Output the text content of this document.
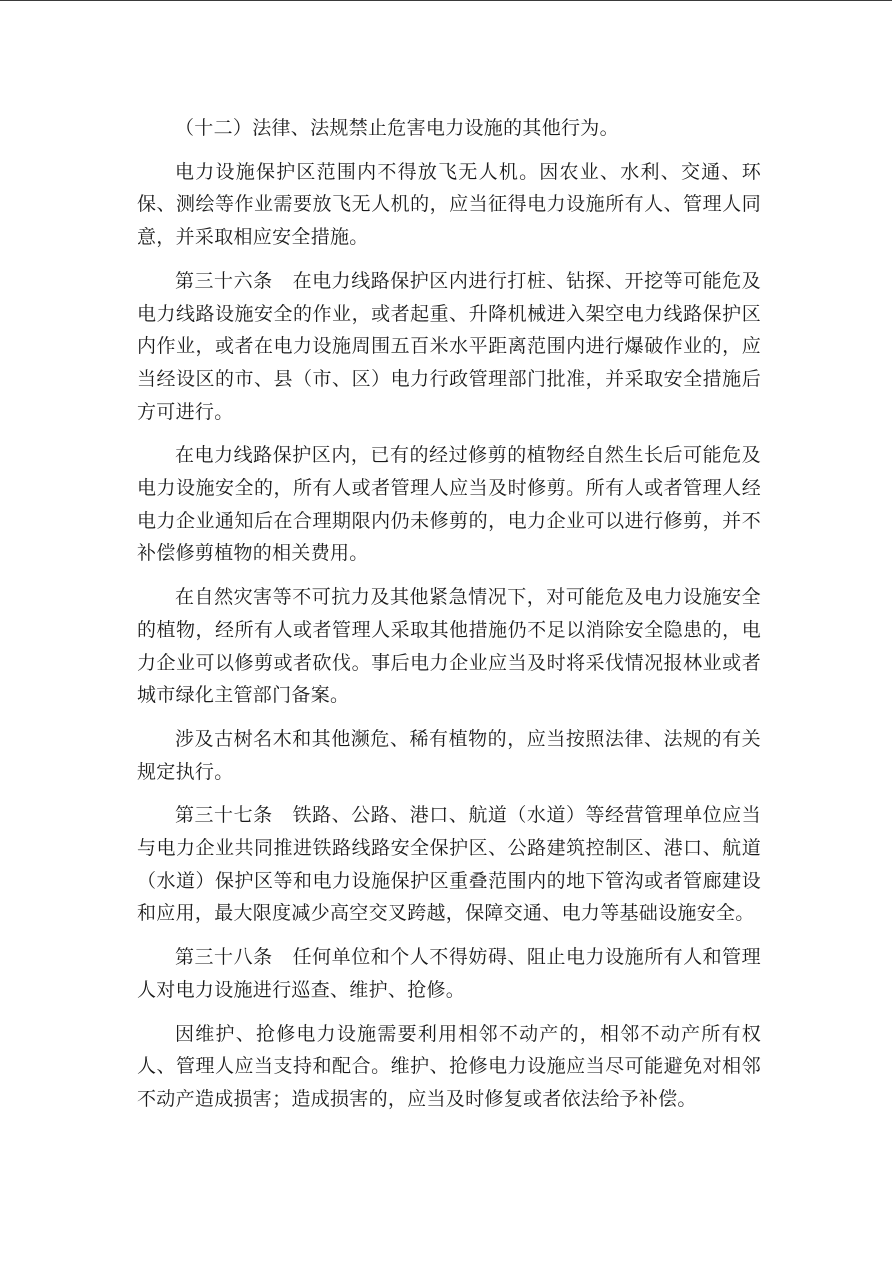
（十二）法律、法规禁止危害电力设施的其他行为。

电力设施保护区范围内不得放飞无人机。因农业、水利、交通、环保、测绘等作业需要放飞无人机的，应当征得电力设施所有人、管理人同意，并采取相应安全措施。

第三十六条 在电力线路保护区内进行打桩、钻探、开挖等可能危及电力线路设施安全的作业，或者起重、升降机械进入架空电力线路保护区内作业，或者在电力设施周围五百米水平距离范围内进行爆破作业的，应当经设区的市、县（市、区）电力行政管理部门批准，并采取安全措施后方可进行。

在电力线路保护区内，已有的经过修剪的植物经自然生长后可能危及电力设施安全的，所有人或者管理人应当及时修剪。所有人或者管理人经电力企业通知后在合理期限内仍未修剪的，电力企业可以进行修剪，并不补偿修剪植物的相关费用。

在自然灾害等不可抗力及其他紧急情况下，对可能危及电力设施安全的植物，经所有人或者管理人采取其他措施仍不足以消除安全隐患的，电力企业可以修剪或者砍伐。事后电力企业应当及时将采伐情况报林业或者城市绿化主管部门备案。

涉及古树名木和其他濒危、稀有植物的，应当按照法律、法规的有关规定执行。

第三十七条 铁路、公路、港口、航道（水道）等经营管理单位应当与电力企业共同推进铁路线路安全保护区、公路建筑控制区、港口、航道（水道）保护区等和电力设施保护区重叠范围内的地下管沟或者管廊建设和应用，最大限度减少高空交叉跨越，保障交通、电力等基础设施安全。

第三十八条 任何单位和个人不得妨碍、阻止电力设施所有人和管理人对电力设施进行巡查、维护、抢修。

因维护、抢修电力设施需要利用相邻不动产的，相邻不动产所有权人、管理人应当支持和配合。维护、抢修电力设施应当尽可能避免对相邻不动产造成损害；造成损害的，应当及时修复或者依法给予补偿。
